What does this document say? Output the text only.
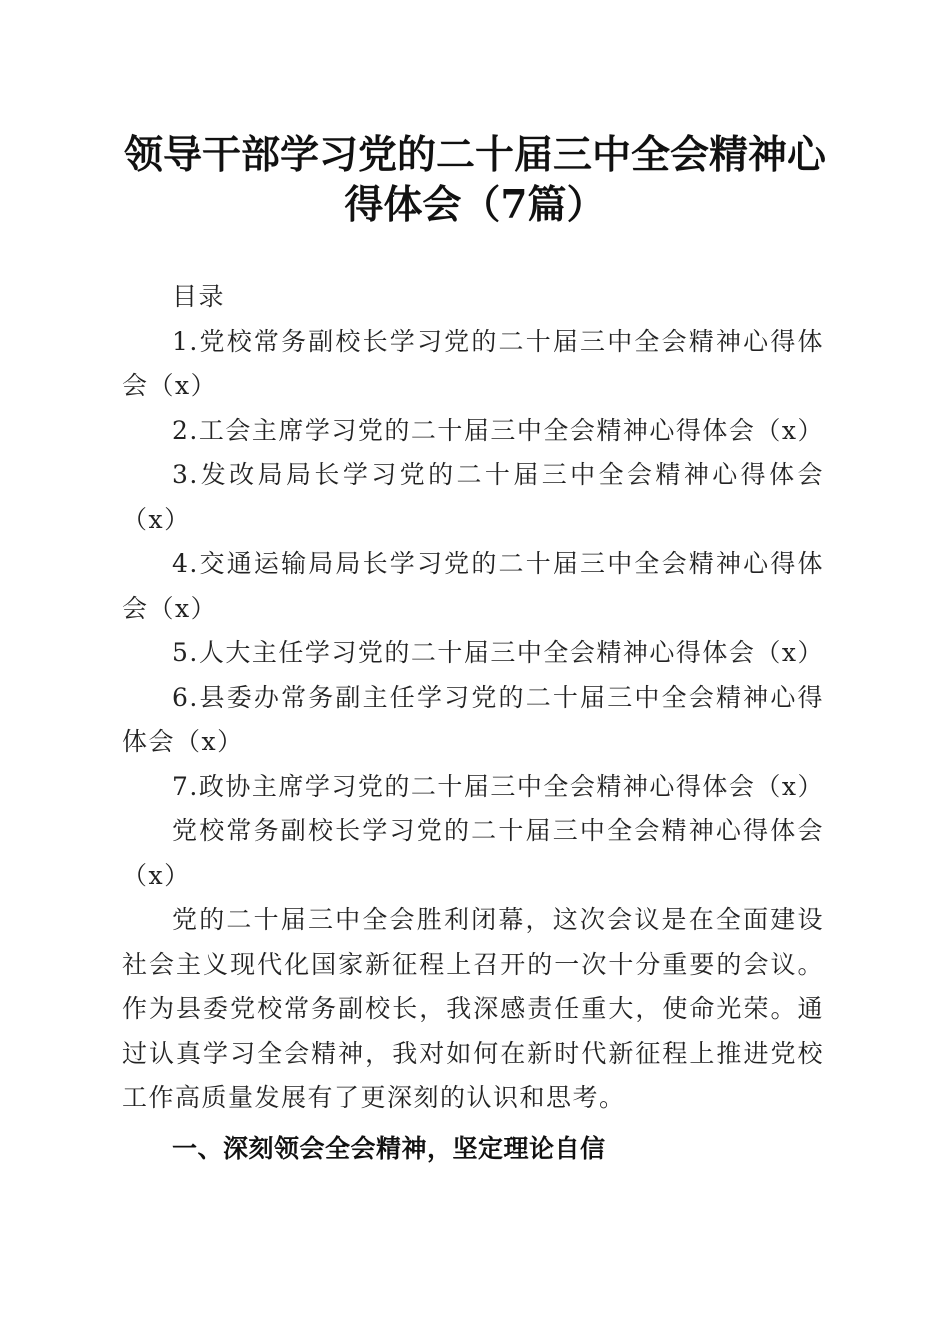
领导干部学习党的二十届三中全会精神心得体会（7篇）

目录

1.党校常务副校长学习党的二十届三中全会精神心得体会（x）

2.工会主席学习党的二十届三中全会精神心得体会（x）

3.发改局局长学习党的二十届三中全会精神心得体会（x）

4.交通运输局局长学习党的二十届三中全会精神心得体会（x）

5.人大主任学习党的二十届三中全会精神心得体会（x）

6.县委办常务副主任学习党的二十届三中全会精神心得体会（x）

7.政协主席学习党的二十届三中全会精神心得体会（x）

党校常务副校长学习党的二十届三中全会精神心得体会（x）

党的二十届三中全会胜利闭幕，这次会议是在全面建设社会主义现代化国家新征程上召开的一次十分重要的会议。作为县委党校常务副校长，我深感责任重大，使命光荣。通过认真学习全会精神，我对如何在新时代新征程上推进党校工作高质量发展有了更深刻的认识和思考。

一、深刻领会全会精神，坚定理论自信
